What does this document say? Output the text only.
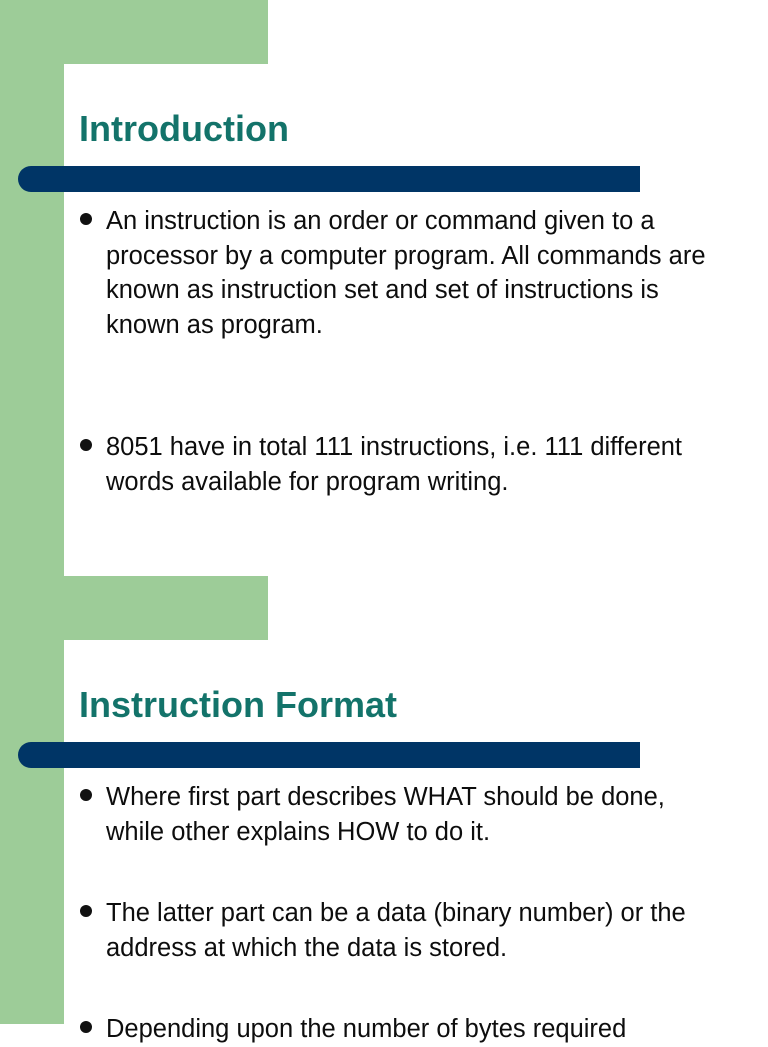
Introduction
An instruction is an order or command given to a processor by a computer program. All commands are known as instruction set and set of instructions is known as program.
8051 have in total 111 instructions, i.e. 111 different words available for program writing.
Instruction Format
Where first part describes WHAT should be done, while other explains HOW to do it.
The latter part can be a data (binary number) or the address at which the data is stored.
Depending upon the number of bytes required
